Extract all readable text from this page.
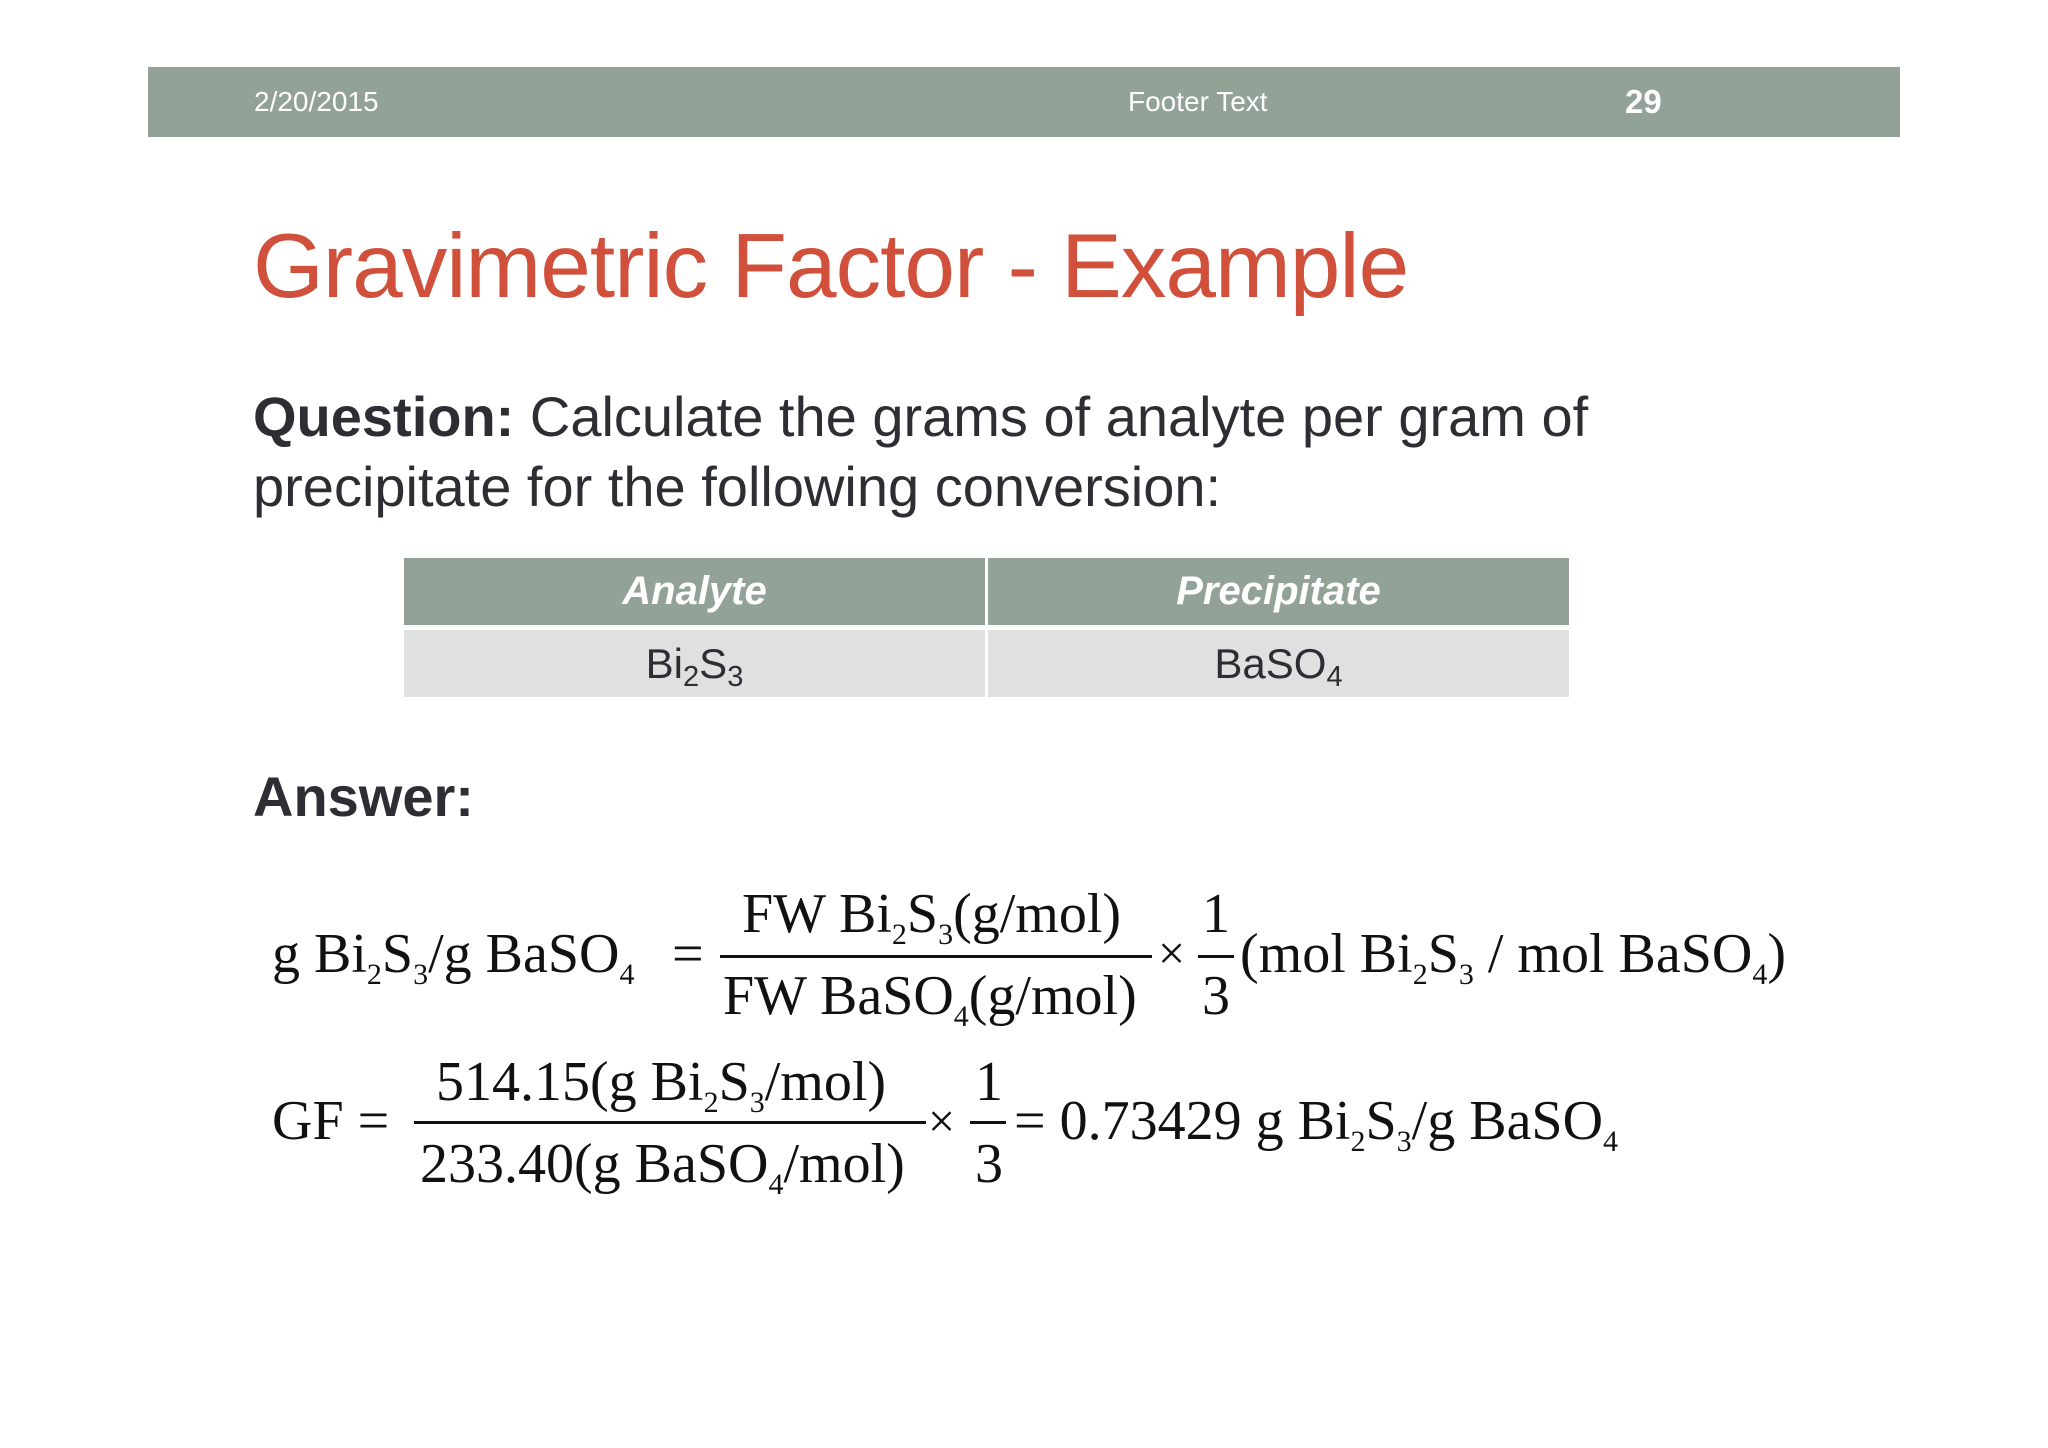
2/20/2015	Footer Text	29
Gravimetric Factor - Example

Question: Calculate the grams of analyte per gram of precipitate for the following conversion:

Analyte	Precipitate
$Bi_2S_3$	BaSO$_4$

Answer:

g $Bi_2S_3/g$ BaSO$_4$ =
FW $Bi_2S_3(g/mol)$
FW BaSO$_4$(g/mol)
×
1
3
(mol $Bi_2S_3$ / mol BaSO$_4$)
GF =
514.15(g $Bi_2S_3/mol$)
233.40(g BaSO$_4$/mol)
×
1
3
= 0.73429 g $Bi_2S_3/g$ BaSO$_4$
